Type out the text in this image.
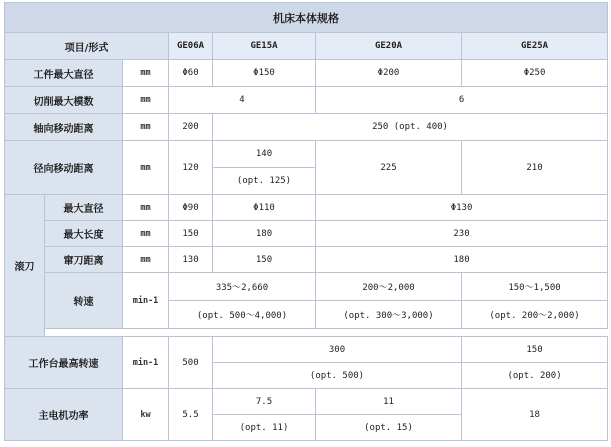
机床本体规格						
项目/形式			GE06A	GE15A	GE20A	GE25A
工件最大直径		mm	Φ60	Φ150	Φ200	Φ250
切削最大模数		mm	4		6	
轴向移动距离		mm	200	250 (opt. 400)		
径向移动距离		mm	120	140	225	210
				(opt. 125)		
滚刀	最大直径	mm	Φ90	Φ110	Φ130	
	最大长度	mm	150	180	230	
	窜刀距离	mm	130	150	180	
	转速	min-1	335～2,660		200～2,000	150～1,500
			(opt. 500～4,000)		(opt. 300～3,000)	(opt. 200～2,000)

工作台最高转速		min-1	500	300		150
				(opt. 500)		(opt. 200)
主电机功率		kw	5.5	7.5	11	18
				(opt. 11)	(opt. 15)	
